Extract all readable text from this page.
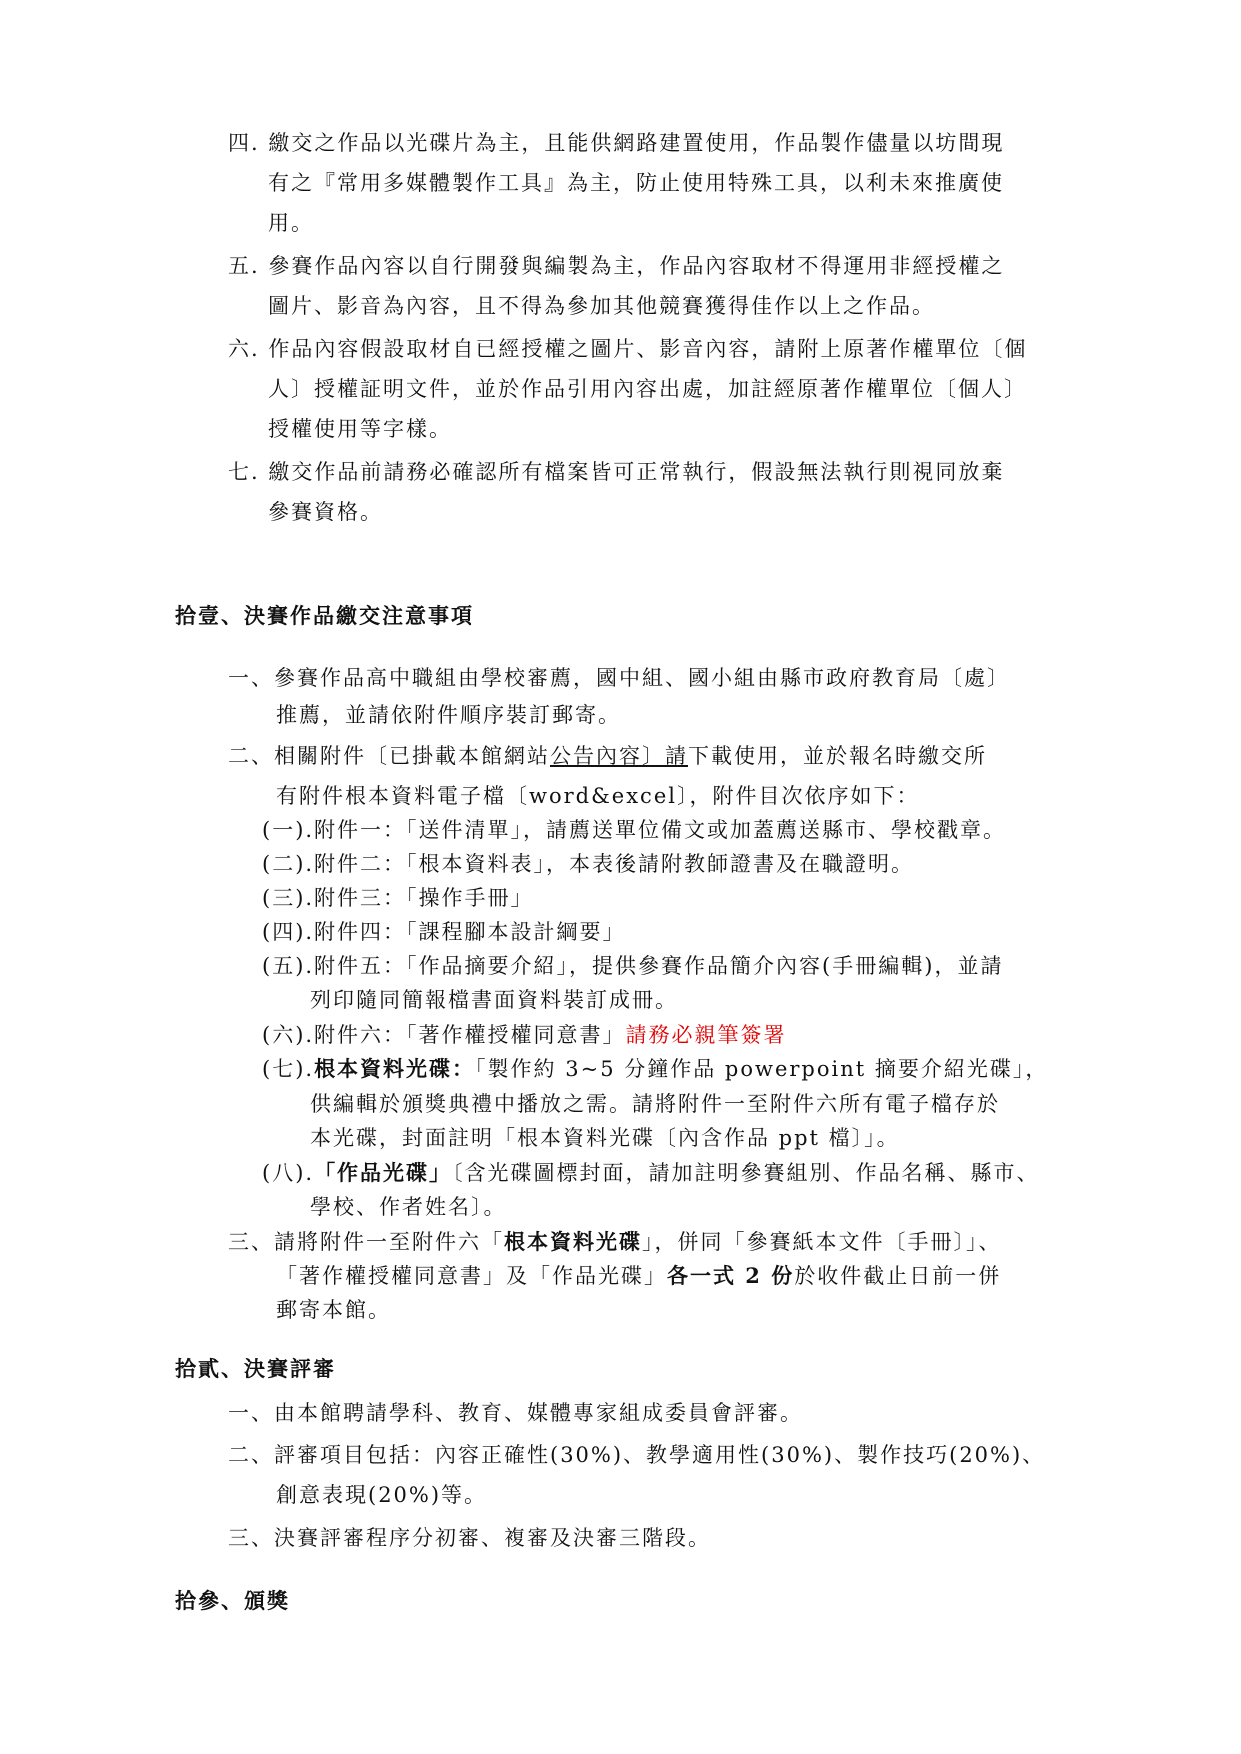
四. 繳交之作品以光碟片為主，且能供網路建置使用，作品製作儘量以坊間現
有之『常用多媒體製作工具』為主，防止使用特殊工具，以利未來推廣使
用。
五. 參賽作品內容以自行開發與編製為主，作品內容取材不得運用非經授權之
圖片、影音為內容，且不得為參加其他競賽獲得佳作以上之作品。
六. 作品內容假設取材自已經授權之圖片、影音內容，請附上原著作權單位〔個
人〕授權証明文件，並於作品引用內容出處，加註經原著作權單位〔個人〕
授權使用等字樣。
七. 繳交作品前請務必確認所有檔案皆可正常執行，假設無法執行則視同放棄
參賽資格。
拾壹、決賽作品繳交注意事項
一、參賽作品高中職組由學校審薦，國中組、國小組由縣市政府教育局〔處〕
推薦，並請依附件順序裝訂郵寄。
二、相關附件〔已掛載本館網站公告內容〕請下載使用，並於報名時繳交所
有附件根本資料電子檔〔word&excel〕，附件目次依序如下：
(一).附件一：「送件清單」，請薦送單位備文或加蓋薦送縣市、學校戳章。
(二).附件二：「根本資料表」，本表後請附教師證書及在職證明。
(三).附件三：「操作手冊」
(四).附件四：「課程腳本設計綱要」
(五).附件五：「作品摘要介紹」，提供參賽作品簡介內容(手冊編輯)，並請
列印隨同簡報檔書面資料裝訂成冊。
(六).附件六：「著作權授權同意書」請務必親筆簽署
(七).根本資料光碟：「製作約 3~5 分鐘作品 powerpoint 摘要介紹光碟」，
供編輯於頒獎典禮中播放之需。請將附件一至附件六所有電子檔存於
本光碟，封面註明「根本資料光碟〔內含作品 ppt 檔〕」。
(八).「作品光碟」〔含光碟圖標封面，請加註明參賽組別、作品名稱、縣市、
學校、作者姓名〕。
三、請將附件一至附件六「根本資料光碟」，併同「參賽紙本文件〔手冊〕」、
「著作權授權同意書」及「作品光碟」各一式 2 份於收件截止日前一併
郵寄本館。
拾貳、決賽評審
一、由本館聘請學科、教育、媒體專家組成委員會評審。
二、評審項目包括：內容正確性(30%)、教學適用性(30%)、製作技巧(20%)、
創意表現(20%)等。
三、決賽評審程序分初審、複審及決審三階段。
拾參、頒獎
